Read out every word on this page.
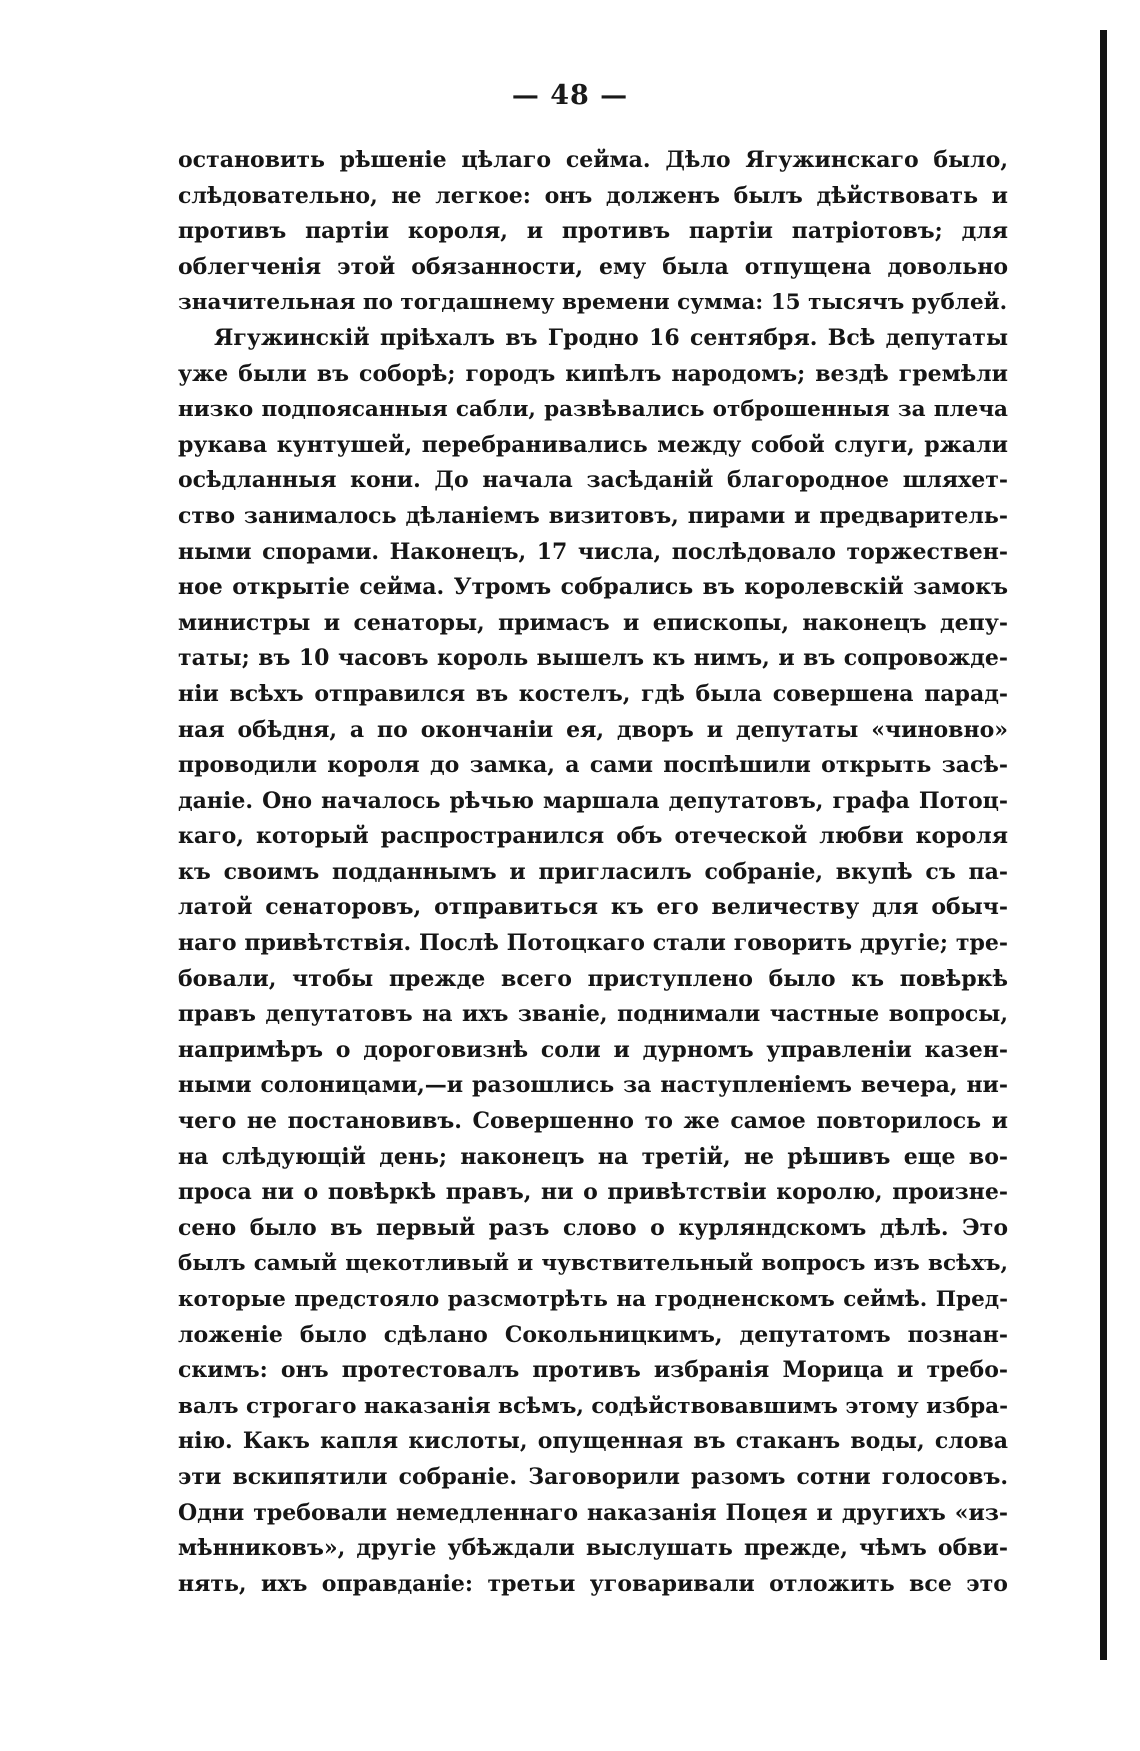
— 48 —

остановить рѣшеніе цѣлаго сейма. Дѣло Ягужинскаго было,
слѣдовательно, не легкое: онъ долженъ былъ дѣйствовать и
противъ партіи короля, и противъ партіи патріотовъ; для
облегченія этой обязанности, ему была отпущена довольно
значительная по тогдашнему времени сумма: 15 тысячъ рублей.
Ягужинскій пріѣхалъ въ Гродно 16 сентября. Всѣ депутаты
уже были въ соборѣ; городъ кипѣлъ народомъ; вездѣ гремѣли
низко подпоясанныя сабли, развѣвались отброшенныя за плеча
рукава кунтушей, перебранивались между собой слуги, ржали
осѣдланныя кони. До начала засѣданій благородное шляхет-
ство занималось дѣланіемъ визитовъ, пирами и предваритель-
ными спорами. Наконецъ, 17 числа, послѣдовало торжествен-
ное открытіе сейма. Утромъ собрались въ королевскій замокъ
министры и сенаторы, примасъ и епископы, наконецъ депу-
таты; въ 10 часовъ король вышелъ къ нимъ, и въ сопровожде-
ніи всѣхъ отправился въ костелъ, гдѣ была совершена парад-
ная обѣдня, а по окончаніи ея, дворъ и депутаты «чиновно»
проводили короля до замка, а сами поспѣшили открыть засѣ-
даніе. Оно началось рѣчью маршала депутатовъ, графа Потоц-
каго, который распространился объ отеческой любви короля
къ своимъ подданнымъ и пригласилъ собраніе, вкупѣ съ па-
латой сенаторовъ, отправиться къ его величеству для обыч-
наго привѣтствія. Послѣ Потоцкаго стали говорить другіе; тре-
бовали, чтобы прежде всего приступлено было къ повѣркѣ
правъ депутатовъ на ихъ званіе, поднимали частные вопросы,
напримѣръ о дороговизнѣ соли и дурномъ управленіи казен-
ными солоницами,—и разошлись за наступленіемъ вечера, ни-
чего не постановивъ. Совершенно то же самое повторилось и
на слѣдующій день; наконецъ на третій, не рѣшивъ еще во-
проса ни о повѣркѣ правъ, ни о привѣтствіи королю, произне-
сено было въ первый разъ слово о курляндскомъ дѣлѣ. Это
былъ самый щекотливый и чувствительный вопросъ изъ всѣхъ,
которые предстояло разсмотрѣть на гродненскомъ сеймѣ. Пред-
ложеніе было сдѣлано Сокольницкимъ, депутатомъ познан-
скимъ: онъ протестовалъ противъ избранія Морица и требо-
валъ строгаго наказанія всѣмъ, содѣйствовавшимъ этому избра-
нію. Какъ капля кислоты, опущенная въ стаканъ воды, слова
эти вскипятили собраніе. Заговорили разомъ сотни голосовъ.
Одни требовали немедленнаго наказанія Поцея и другихъ «из-
мѣнниковъ», другіе убѣждали выслушать прежде, чѣмъ обви-
нять, ихъ оправданіе: третьи уговаривали отложить все это
